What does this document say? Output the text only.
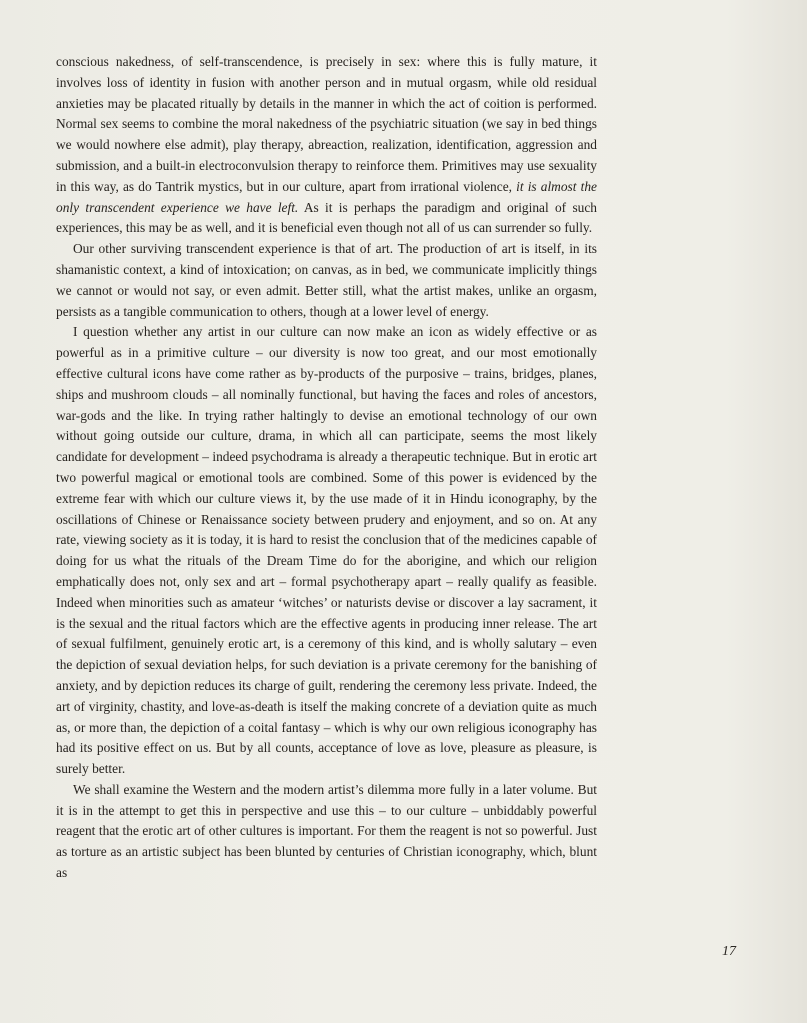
conscious nakedness, of self-transcendence, is precisely in sex: where this is fully mature, it involves loss of identity in fusion with another person and in mutual orgasm, while old residual anxieties may be placated ritually by details in the manner in which the act of coition is performed. Normal sex seems to combine the moral nakedness of the psychiatric situation (we say in bed things we would nowhere else admit), play therapy, abreaction, realization, identification, aggression and submission, and a built-in electroconvulsion therapy to reinforce them. Primitives may use sexuality in this way, as do Tantrik mystics, but in our culture, apart from irrational violence, it is almost the only transcendent experience we have left. As it is perhaps the paradigm and original of such experiences, this may be as well, and it is beneficial even though not all of us can surrender so fully.

Our other surviving transcendent experience is that of art. The production of art is itself, in its shamanistic context, a kind of intoxication; on canvas, as in bed, we communicate implicitly things we cannot or would not say, or even admit. Better still, what the artist makes, unlike an orgasm, persists as a tangible communication to others, though at a lower level of energy.

I question whether any artist in our culture can now make an icon as widely effective or as powerful as in a primitive culture – our diversity is now too great, and our most emotionally effective cultural icons have come rather as by-products of the purposive – trains, bridges, planes, ships and mushroom clouds – all nominally functional, but having the faces and roles of ancestors, war-gods and the like. In trying rather haltingly to devise an emotional technology of our own without going outside our culture, drama, in which all can participate, seems the most likely candidate for development – indeed psychodrama is already a therapeutic technique. But in erotic art two powerful magical or emotional tools are combined. Some of this power is evidenced by the extreme fear with which our culture views it, by the use made of it in Hindu iconography, by the oscillations of Chinese or Renaissance society between prudery and enjoyment, and so on. At any rate, viewing society as it is today, it is hard to resist the conclusion that of the medicines capable of doing for us what the rituals of the Dream Time do for the aborigine, and which our religion emphatically does not, only sex and art – formal psychotherapy apart – really qualify as feasible. Indeed when minorities such as amateur ‘witches’ or naturists devise or discover a lay sacrament, it is the sexual and the ritual factors which are the effective agents in producing inner release. The art of sexual fulfilment, genuinely erotic art, is a ceremony of this kind, and is wholly salutary – even the depiction of sexual deviation helps, for such deviation is a private ceremony for the banishing of anxiety, and by depiction reduces its charge of guilt, rendering the ceremony less private. Indeed, the art of virginity, chastity, and love-as-death is itself the making concrete of a deviation quite as much as, or more than, the depiction of a coital fantasy – which is why our own religious iconography has had its positive effect on us. But by all counts, acceptance of love as love, pleasure as pleasure, is surely better.

We shall examine the Western and the modern artist’s dilemma more fully in a later volume. But it is in the attempt to get this in perspective and use this – to our culture – unbiddably powerful reagent that the erotic art of other cultures is important. For them the reagent is not so powerful. Just as torture as an artistic subject has been blunted by centuries of Christian iconography, which, blunt as

17
